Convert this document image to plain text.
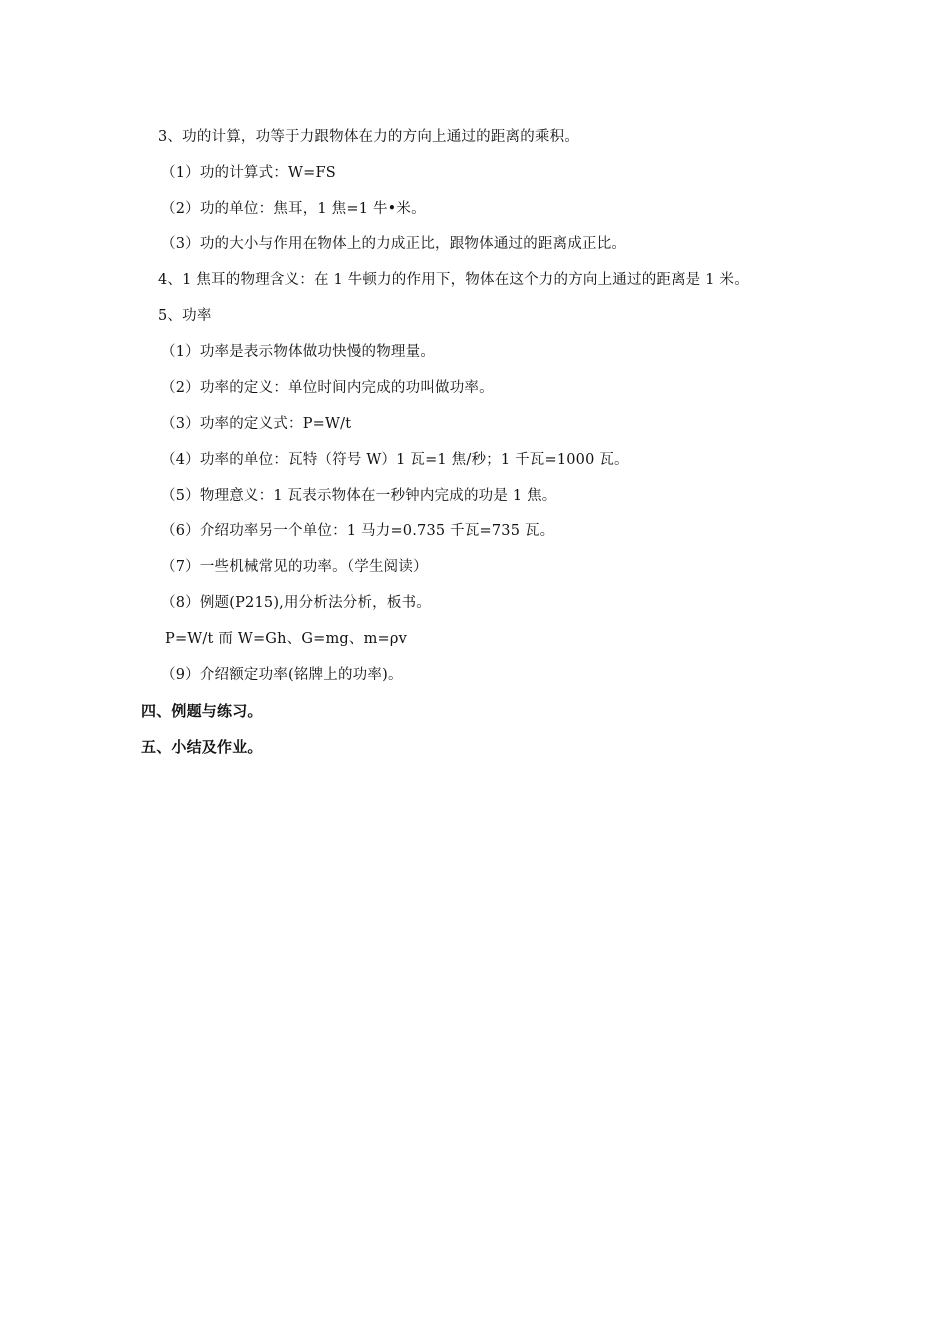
3、功的计算，功等于力跟物体在力的方向上通过的距离的乘积。
（1）功的计算式：W=FS
（2）功的单位：焦耳，1 焦=1 牛•米。
（3）功的大小与作用在物体上的力成正比，跟物体通过的距离成正比。
4、1 焦耳的物理含义：在 1 牛顿力的作用下，物体在这个力的方向上通过的距离是 1 米。
5、功率
（1）功率是表示物体做功快慢的物理量。
（2）功率的定义：单位时间内完成的功叫做功率。
（3）功率的定义式：P=W/t
（4）功率的单位：瓦特（符号 W）1 瓦=1 焦/秒；1 千瓦=1000 瓦。
（5）物理意义：1 瓦表示物体在一秒钟内完成的功是 1 焦。
（6）介绍功率另一个单位：1 马力=0.735 千瓦=735 瓦。
（7）一些机械常见的功率。（学生阅读）
（8）例题(P215),用分析法分析，板书。
P=W/t 而 W=Gh、G=mg、m=ρv
（9）介绍额定功率(铭牌上的功率)。
四、例题与练习。
五、小结及作业。
